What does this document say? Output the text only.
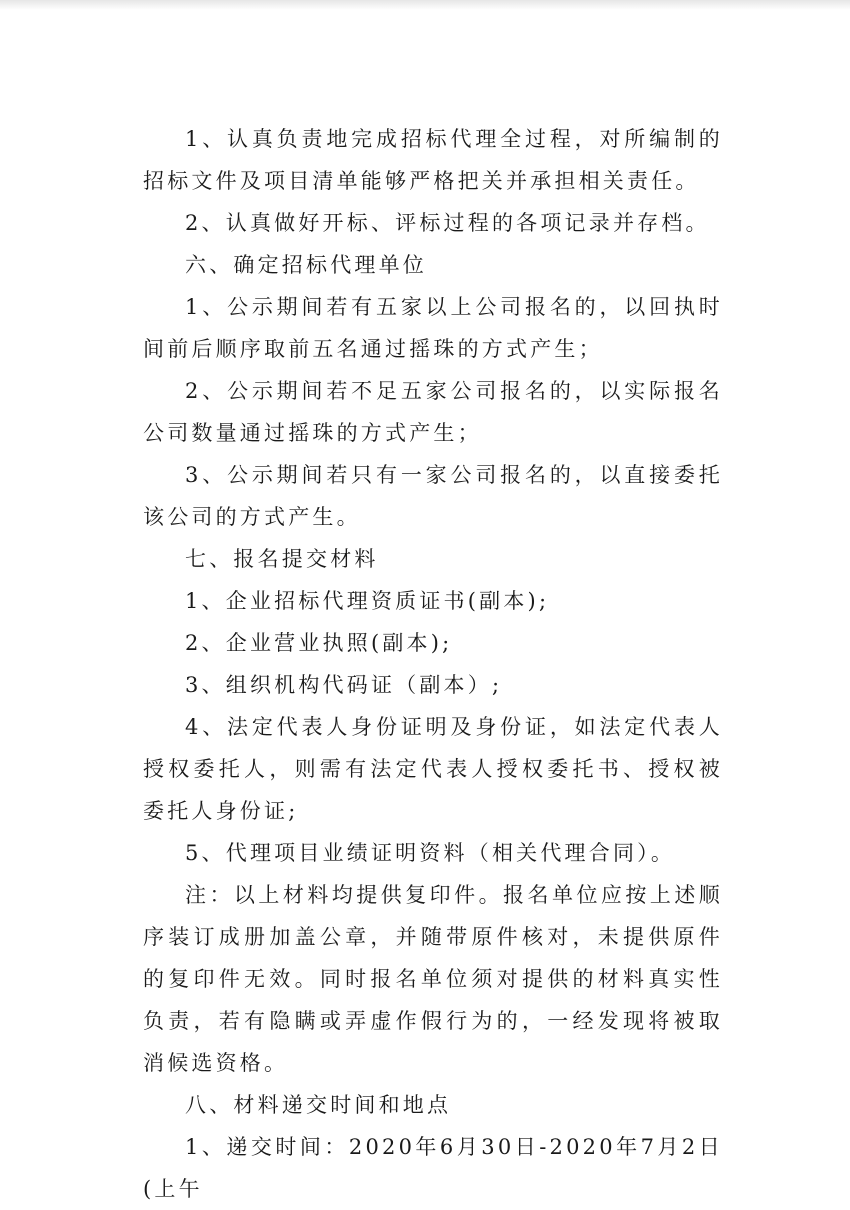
1、认真负责地完成招标代理全过程，对所编制的招标文件及项目清单能够严格把关并承担相关责任。

2、认真做好开标、评标过程的各项记录并存档。

六、确定招标代理单位

1、公示期间若有五家以上公司报名的，以回执时间前后顺序取前五名通过摇珠的方式产生；

2、公示期间若不足五家公司报名的，以实际报名公司数量通过摇珠的方式产生；

3、公示期间若只有一家公司报名的，以直接委托该公司的方式产生。

七、报名提交材料

1、企业招标代理资质证书(副本);

2、企业营业执照(副本);

3、组织机构代码证（副本）;

4、法定代表人身份证明及身份证，如法定代表人授权委托人，则需有法定代表人授权委托书、授权被委托人身份证;

5、代理项目业绩证明资料（相关代理合同）。

注：以上材料均提供复印件。报名单位应按上述顺序装订成册加盖公章，并随带原件核对，未提供原件的复印件无效。同时报名单位须对提供的材料真实性负责，若有隐瞒或弄虚作假行为的，一经发现将被取消候选资格。

八、材料递交时间和地点

1、递交时间：2020年6月30日-2020年7月2日(上午
